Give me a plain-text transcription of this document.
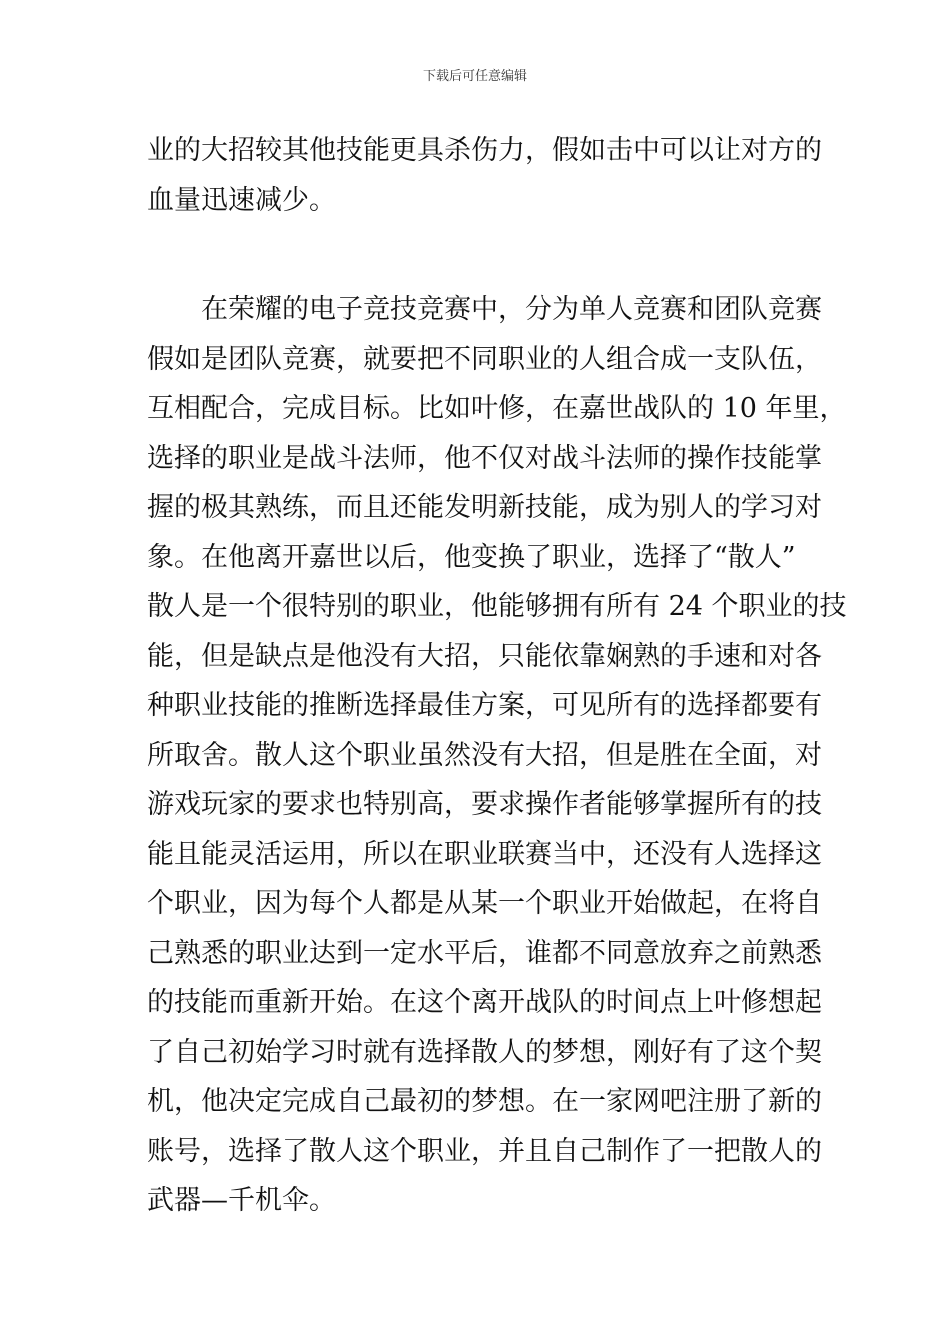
下载后可任意编辑
业的大招较其他技能更具杀伤力，假如击中可以让对方的
血量迅速减少。
在荣耀的电子竞技竞赛中，分为单人竞赛和团队竞赛
假如是团队竞赛，就要把不同职业的人组合成一支队伍，
互相配合，完成目标。比如叶修，在嘉世战队的 10 年里，
选择的职业是战斗法师，他不仅对战斗法师的操作技能掌
握的极其熟练，而且还能发明新技能，成为别人的学习对
象。在他离开嘉世以后，他变换了职业，选择了“散人”
散人是一个很特别的职业，他能够拥有所有 24 个职业的技
能，但是缺点是他没有大招，只能依靠娴熟的手速和对各
种职业技能的推断选择最佳方案，可见所有的选择都要有
所取舍。散人这个职业虽然没有大招，但是胜在全面，对
游戏玩家的要求也特别高，要求操作者能够掌握所有的技
能且能灵活运用，所以在职业联赛当中，还没有人选择这
个职业，因为每个人都是从某一个职业开始做起，在将自
己熟悉的职业达到一定水平后，谁都不同意放弃之前熟悉
的技能而重新开始。在这个离开战队的时间点上叶修想起
了自己初始学习时就有选择散人的梦想，刚好有了这个契
机，他决定完成自己最初的梦想。在一家网吧注册了新的
账号，选择了散人这个职业，并且自己制作了一把散人的
武器—千机伞。
